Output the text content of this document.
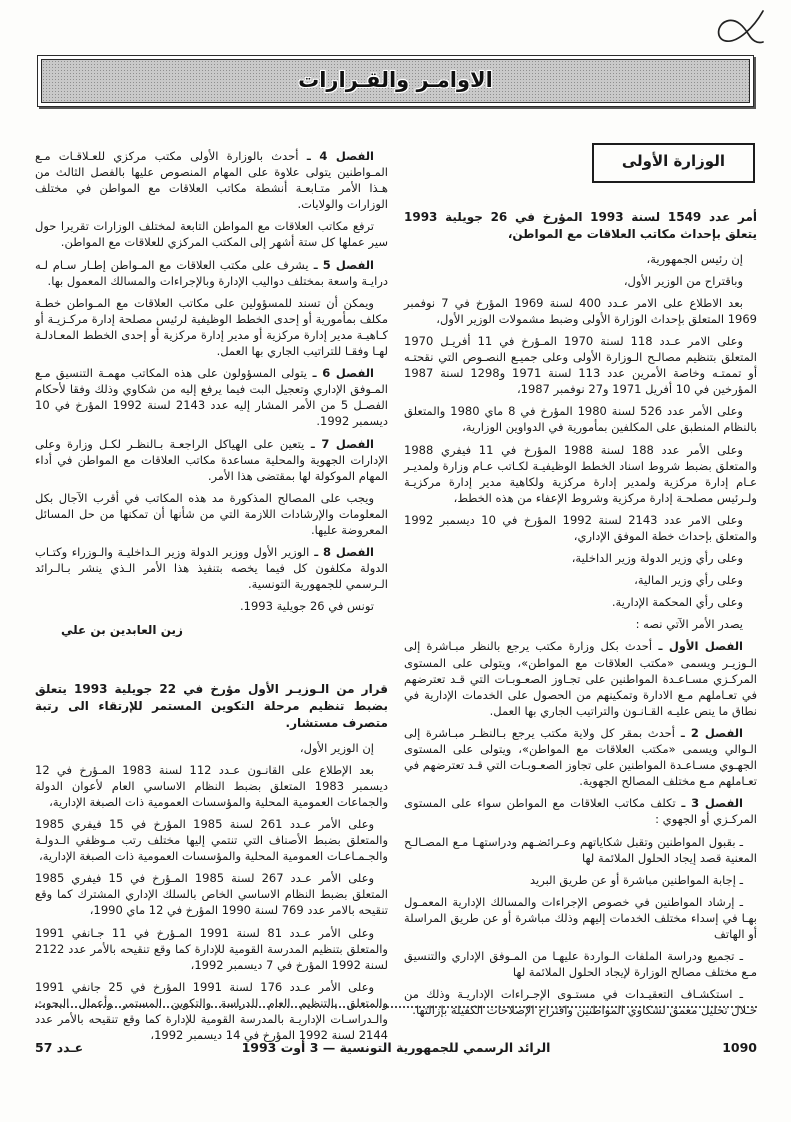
الاوامـر والقـرارات
الوزارة الأولى

أمر عدد 1549 لسنة 1993 المؤرخ في 26 جويلية 1993 يتعلق بإحداث مكاتب العلاقات مع المواطن،

إن رئيس الجمهورية،

وباقتراح من الوزير الأول،

بعد الاطلاع على الامر عـدد 400 لسنة 1969 المؤرخ في 7 نوفمبر 1969 المتعلق بإحداث الوزارة الأولى وضبط مشمولات الوزير الأول،

وعلى الامر عـدد 118 لسنة 1970 المـؤرخ في 11 أفريـل 1970 المتعلق بتنظيم مصالـح الـوزارة الأولى وعلى جميـع النصـوص التي نقحتـه أو تممتـه وخاصة الأمرين عدد 113 لسنة 1971 و1298 لسنة 1987 المؤرخين في 10 أفريل 1971 و27 نوفمبر 1987،

وعلى الأمر عدد 526 لسنة 1980 المؤرخ في 8 ماي 1980 والمتعلق بالنظام المنطبق على المكلفين بمأمورية في الدواوين الوزارية،

وعلى الأمر عدد 188 لسنة 1988 المؤرخ في 11 فيفري 1988 والمتعلق بضبط شروط اسناد الخطط الوظيفيـة لكـاتب عـام وزارة ولمديـر عـام إدارة مركزية ولمدير إدارة مركزية ولكاهية مدير إدارة مركزيـة ولـرئيس مصلحـة إدارة مركزية وشروط الإعفاء من هذه الخطط،

وعلى الامر عدد 2143 لسنة 1992 المؤرخ في 10 ديسمبر 1992 والمتعلق بإحداث خطة الموفق الإداري،

وعلى رأي وزير الدولة وزير الداخلية،

وعلى رأي وزير المالية،

وعلى رأي المحكمة الإدارية.

يصدر الأمر الآتي نصه :

الفصل الأول ـ أحدث بكل وزارة مكتب يرجع بالنظر مبـاشرة إلى الـوزيـر ويسمى «مكتب العلاقات مع المواطن»، ويتولى على المستوى المركـزي مسـاعـدة المواطنين على تجـاوز الصعـوبـات التي قـد تعترضهم في تعـاملهم مـع الادارة وتمكينهم من الحصول على الخدمات الإدارية في نطاق ما ينص عليـه القـانـون والتراتيب الجاري بها العمل.

الفصل 2 ـ أحدث بمقر كل ولاية مكتب يرجع بـالنظـر مبـاشرة إلى الـوالي ويسمى «مكتب العلاقات مع المواطن»، ويتولى على المستوى الجهـوي مسـاعـدة المواطنين على تجاوز الصعـوبـات التي قـد تعترضهم في تعـاملهم مـع مختلف المصالح الجهوية.

الفصل 3 ـ تكلف مكاتب العلاقات مع المواطن سواء على المستوى المركـزي أو الجهوي :

ـ بقبول المواطنين وتقبل شكاياتهم وعـرائضـهم ودراستهـا مـع المصـالـح المعنية قصد إيجاد الحلول الملائمة لها

ـ إجابة المواطنين مباشرة أو عن طريق البريد

ـ إرشاد المواطنين في خصوص الإجراءات والمسالك الإدارية المعمـول بهـا في إسداء مختلف الخدمات إليهم وذلك مباشرة أو عن طريق المراسلة أو الهاتف

ـ تجميع ودراسة الملفات الـواردة عليهـا من المـوفق الإداري والتنسيق مـع مختلف مصالح الوزارة لإيجاد الحلول الملائمة لها

ـ استكشـاف التعقيـدات في مستـوى الإجـراءات الإداريـة وذلك من خـلال تحليل معمق لشكاوي المواطنين واقتراح الإصلاحات الكفيلة بإزالتها.

الفصل 4 ـ أحدث بالوزارة الأولى مكتب مركزي للعـلاقـات مـع المـواطنين يتولى علاوة على المهام المنصوص عليها بالفصل الثالث من هـذا الأمر متـابعـة أنشطة مكاتب العلاقات مع المواطن في مختلف الوزارات والولايات.

ترفع مكاتب العلاقات مع المواطن التابعة لمختلف الوزارات تقريرا حول سير عملها كل ستة أشهر إلى المكتب المركزي للعلاقات مع المواطن.

الفصل 5 ـ يشرف على مكتب العلاقات مع المـواطن إطـار سـام لـه درايـة واسعة بمختلف دواليب الإدارة وبالإجراءات والمسالك المعمول بها.

ويمكن أن تسند للمسؤولين على مكاتب العلاقات مع المـواطن خطـة مكلف بمأمورية أو إحدى الخطط الوظيفية لرئيس مصلحة إدارة مركـزيـة أو كـاهيـة مدير إدارة مركزية أو مدير إدارة مركزية أو إحدى الخطط المعـادلـة لهـا وفقـا للتراتيب الجاري بها العمل.

الفصل 6 ـ يتولى المسؤولون على هذه المكاتب مهمـة التنسيق مـع المـوفق الإداري وتعجيل البت فيما يرفع إليه من شكاوي وذلك وفقا لأحكام الفصـل 5 من الأمر المشار إليه عدد 2143 لسنة 1992 المؤرخ في 10 ديسمبر 1992.

الفصل 7 ـ يتعين على الهياكل الراجعـة بـالنظـر لكـل وزارة وعلى الإدارات الجهوية والمحلية مساعدة مكاتب العلاقات مع المواطن في أداء المهام الموكولة لها بمقتضى هذا الأمر.

ويجب على المصالح المذكورة مد هذه المكاتب في أقرب الآجال بكل المعلومات والإرشادات اللازمة التي من شأنها أن تمكنها من حل المسائل المعروضة عليها.

الفصل 8 ـ الوزير الأول ووزير الدولة وزير الـداخليـة والـوزراء وكتـاب الدولة مكلفون كل فيما يخصه بتنفيذ هذا الأمر الـذي ينشر بـالـرائد الـرسمي للجمهورية التونسية.

تونس في 26 جويلية 1993.

زين العابدين بن علي

قرار من الـوزيـر الأول مؤرخ في 22 جويلية 1993 يتعلق بضبط تنظيم مرحلة التكوين المستمر للإرتقاء الى رتبة متصرف مستشار.

إن الوزير الأول،

بعد الإطلاع على القانـون عـدد 112 لسنة 1983 المـؤرخ في 12 ديسمبر 1983 المتعلق بضبط النظام الاساسي العام لأعوان الدولة والجماعات العمومية المحلية والمؤسسات العمومية ذات الصبغة الإدارية،

وعلى الأمر عـدد 261 لسنة 1985 المؤرخ في 15 فيفري 1985 والمتعلق بضبط الأصناف التي تنتمي إليها مختلف رتب مـوظفي الـدولـة والجـمـاعـات العمومية المحلية والمؤسسات العمومية ذات الصبغة الإدارية،

وعلى الأمر عـدد 267 لسنة 1985 المـؤرخ في 15 فيفري 1985 المتعلق بضبط النظام الاساسي الخاص بالسلك الإداري المشترك كما وقع تنقيحه بالامر عدد 769 لسنة 1990 المؤرخ في 12 ماي 1990،

وعلى الأمر عـدد 81 لسنة 1991 المـؤرخ في 11 جـانفي 1991 والمتعلق بتنظيم المدرسة القومية للإدارة كما وقع تنقيحه بالأمر عدد 2122 لسنة 1992 المؤرخ في 7 ديسمبر 1992،

وعلى الأمر عـدد 176 لسنة 1991 المؤرخ في 25 جانفي 1991 والمتعلق بالتنظيم العام للدراسة والتكوين المستمر وأعمال البحوث والـدراسـات الإداريـة بالمدرسة القومية للإدارة كما وقع تنقيحه بالأمر عدد 2144 لسنة 1992 المؤرخ في 14 ديسمبر 1992،

1090
الرائد الرسمي للجمهورية التونسية — 3 أوت 1993
عـدد 57
